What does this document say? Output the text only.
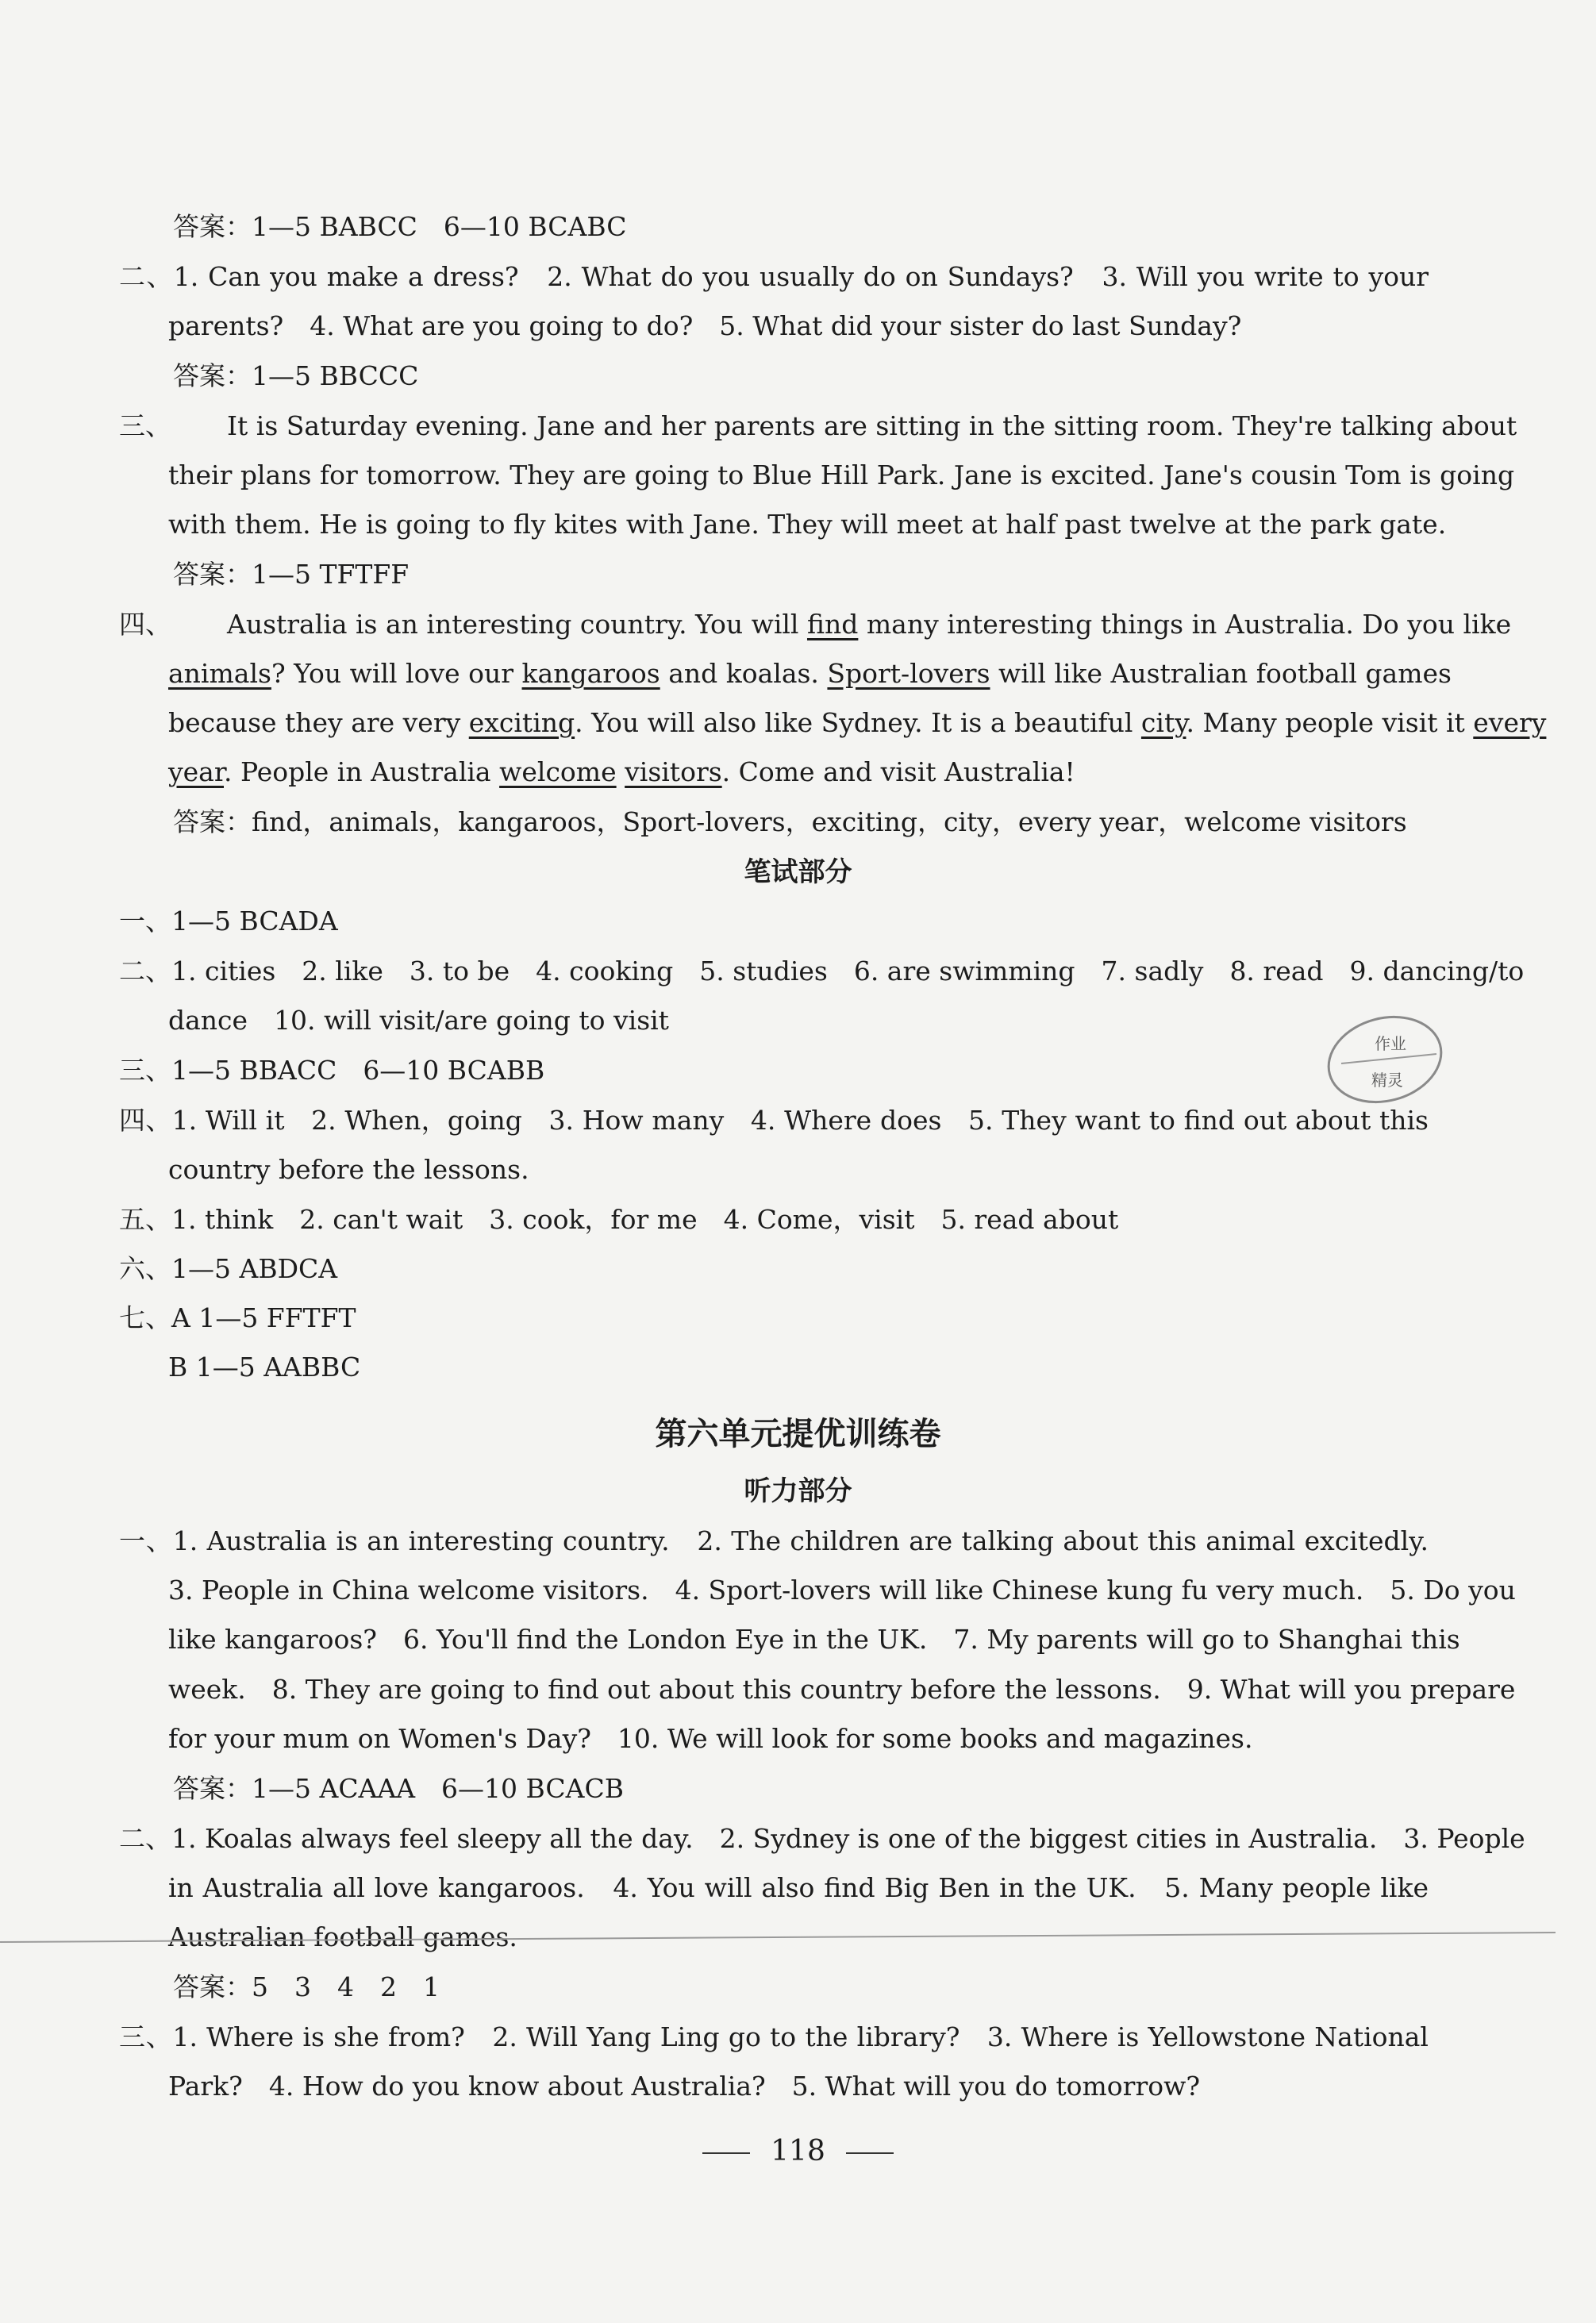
答案：1—5 BABCC　6—10 BCABC
二、1. Can you make a dress?　2. What do you usually do on Sundays?　3. Will you write to your
parents?　4. What are you going to do?　5. What did your sister do last Sunday?
答案：1—5 BBCCC
三、 It is Saturday evening. Jane and her parents are sitting in the sitting room. They're talking about
their plans for tomorrow. They are going to Blue Hill Park. Jane is excited. Jane's cousin Tom is going
with them. He is going to fly kites with Jane. They will meet at half past twelve at the park gate.
答案：1—5 TFTFF
四、 Australia is an interesting country. You will find many interesting things in Australia. Do you like
animals? You will love our kangaroos and koalas. Sport-lovers will like Australian football games
because they are very exciting. You will also like Sydney. It is a beautiful city. Many people visit it every
year. People in Australia welcome visitors. Come and visit Australia!
答案：find，animals，kangaroos，Sport-lovers，exciting，city，every year，welcome visitors
笔试部分
一、1—5 BCADA
二、1. cities　2. like　3. to be　4. cooking　5. studies　6. are swimming　7. sadly　8. read　9. dancing/to
dance　10. will visit/are going to visit
三、1—5 BBACC　6—10 BCABB
四、1. Will it　2. When，going　3. How many　4. Where does　5. They want to find out about this
country before the lessons.
五、1. think　2. can't wait　3. cook，for me　4. Come，visit　5. read about
六、1—5 ABDCA
七、A 1—5 FFTFT
B 1—5 AABBC
第六单元提优训练卷
听力部分
一、1. Australia is an interesting country.　2. The children are talking about this animal excitedly.
3. People in China welcome visitors.　4. Sport-lovers will like Chinese kung fu very much.　5. Do you
like kangaroos?　6. You'll find the London Eye in the UK.　7. My parents will go to Shanghai this
week.　8. They are going to find out about this country before the lessons.　9. What will you prepare
for your mum on Women's Day?　10. We will look for some books and magazines.
答案：1—5 ACAAA　6—10 BCACB
二、1. Koalas always feel sleepy all the day.　2. Sydney is one of the biggest cities in Australia.　3. People
in Australia all love kangaroos.　4. You will also find Big Ben in the UK.　5. Many people like
Australian football games.
答案：5　3　4　2　1
三、1. Where is she from?　2. Will Yang Ling go to the library?　3. Where is Yellowstone National
Park?　4. How do you know about Australia?　5. What will you do tomorrow?
作业
精灵
118
